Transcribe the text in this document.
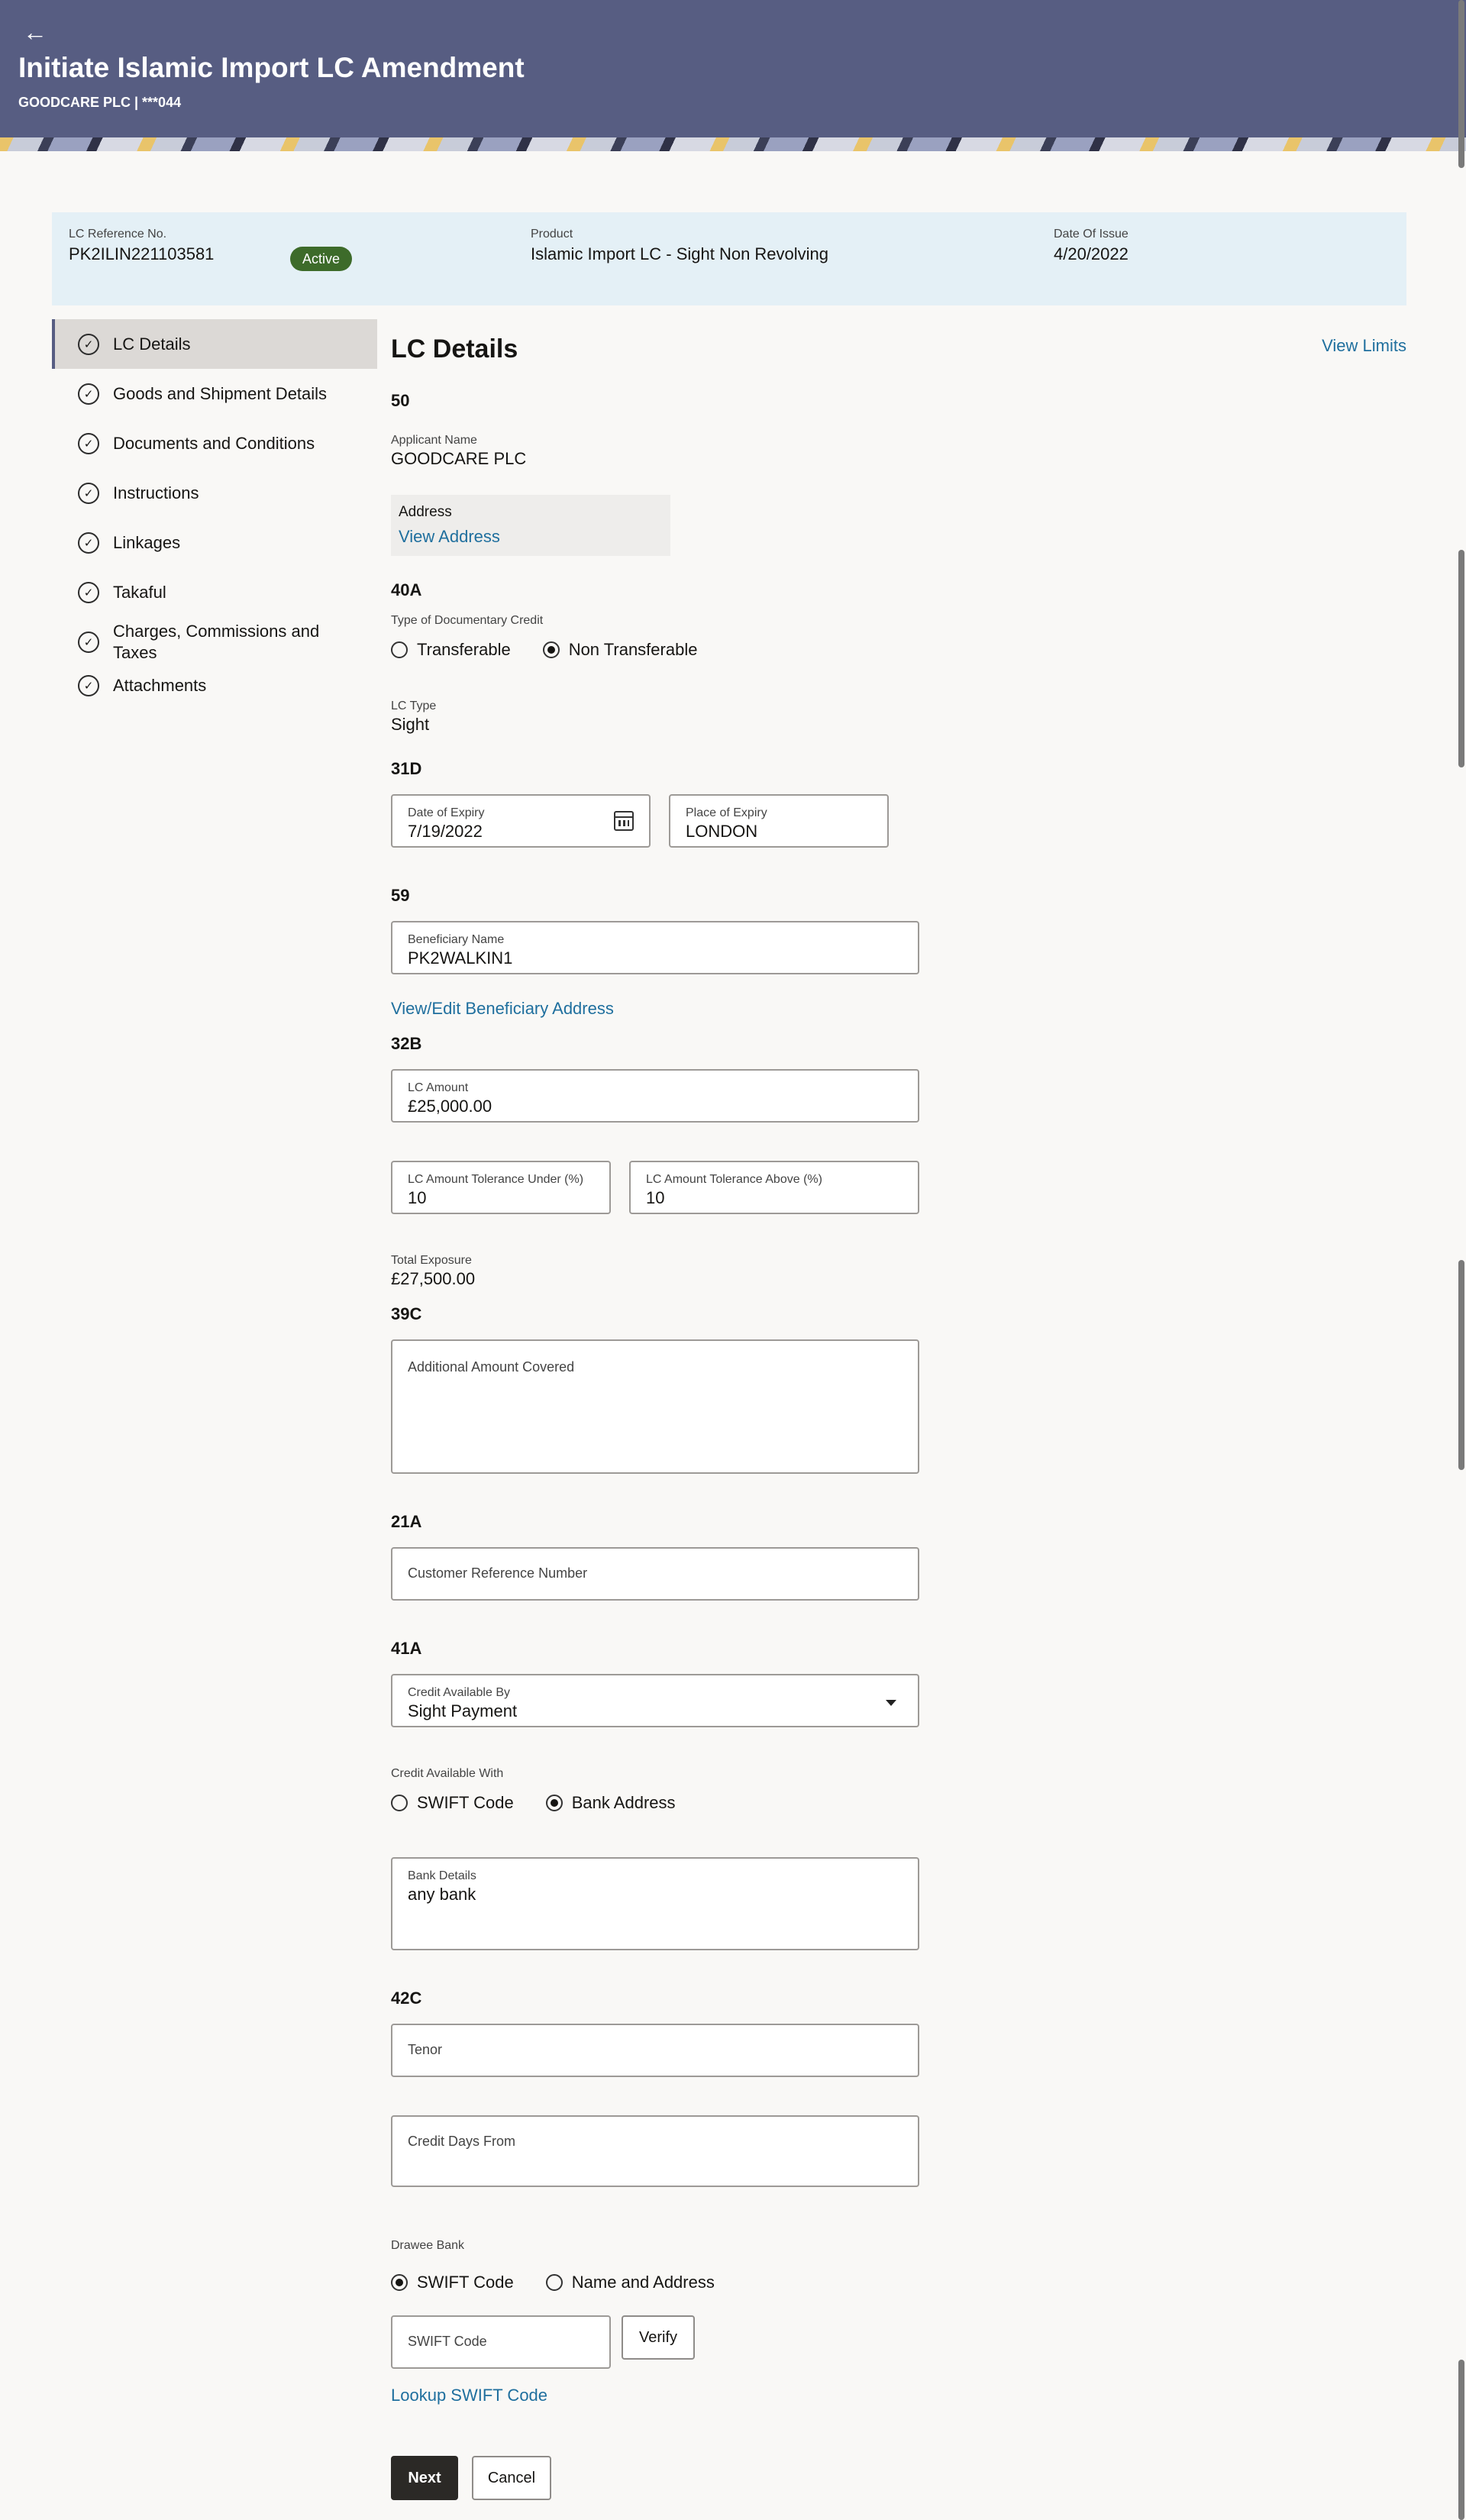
←
Initiate Islamic Import LC Amendment
GOODCARE PLC | ***044
LC Reference No.
PK2ILIN221103581	Active
Product
Islamic Import LC - Sight Non Revolving
Date Of Issue
4/20/2022
✓	LC Details
✓	Goods and Shipment Details
✓	Documents and Conditions
✓	Instructions
✓	Linkages
✓	Takaful
✓
Charges, Commissions and Taxes
✓	Attachments
LC Details	View Limits
50
Applicant Name
GOODCARE PLC
Address
View Address
40A
Type of Documentary Credit
Transferable	Non Transferable
LC Type
Sight
31D
Date of Expiry
7/19/2022
Place of Expiry
LONDON
59
Beneficiary Name
PK2WALKIN1
View/Edit Beneficiary Address
32B
LC Amount
£25,000.00
LC Amount Tolerance Under (%)
10
LC Amount Tolerance Above (%)
10
Total Exposure
£27,500.00
39C
Additional Amount Covered
21A
Customer Reference Number
41A
Credit Available By
Sight Payment
Credit Available With
SWIFT Code	Bank Address
Bank Details
any bank
42C
Tenor
Credit Days From
Drawee Bank
SWIFT Code	Name and Address
SWIFT Code	Verify
Lookup SWIFT Code
Next	Cancel
